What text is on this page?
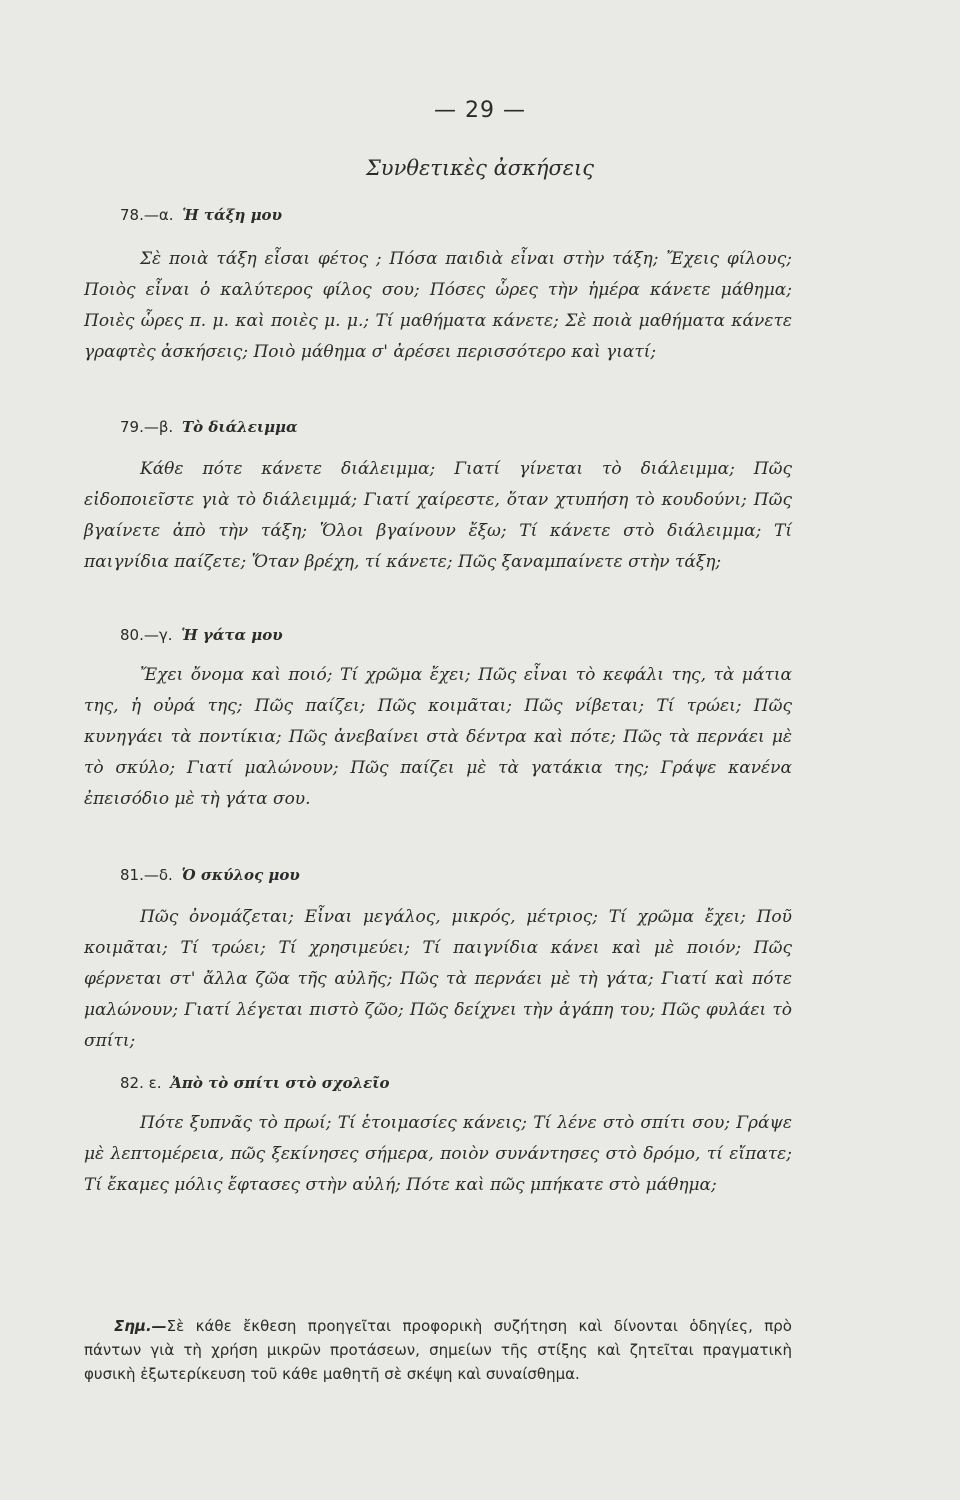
— 29 —
Συνθετικὲς ἀσκήσεις
78.—α. Ἡ τάξη μου

Σὲ ποιὰ τάξη εἶσαι φέτος ; Πόσα παιδιὰ εἶναι στὴν τάξη; Ἔχεις φίλους; Ποιὸς εἶναι ὁ καλύτερος φίλος σου; Πόσες ὧρες τὴν ἡμέρα κάνετε μάθημα; Ποιὲς ὧρες π. μ. καὶ ποιὲς μ. μ.; Τί μαθήματα κάνετε; Σὲ ποιὰ μαθήματα κάνετε γραφτὲς ἀσκήσεις; Ποιὸ μάθημα σ' ἀρέσει περισσότερο καὶ γιατί;

79.—β. Τὸ διάλειμμα

Κάθε πότε κάνετε διάλειμμα; Γιατί γίνεται τὸ διάλειμμα; Πῶς εἰδοποιεῖστε γιὰ τὸ διάλειμμά; Γιατί χαίρεστε, ὅταν χτυπήση τὸ κουδούνι; Πῶς βγαίνετε ἀπὸ τὴν τάξη; Ὅλοι βγαίνουν ἔξω; Τί κάνετε στὸ διάλειμμα; Τί παιγνίδια παίζετε; Ὅταν βρέχη, τί κάνετε; Πῶς ξαναμπαίνετε στὴν τάξη;

80.—γ. Ἡ γάτα μου

Ἔχει ὄνομα καὶ ποιό; Τί χρῶμα ἔχει; Πῶς εἶναι τὸ κεφάλι της, τὰ μάτια της, ἡ οὐρά της; Πῶς παίζει; Πῶς κοιμᾶται; Πῶς νίβεται; Τί τρώει; Πῶς κυνηγάει τὰ ποντίκια; Πῶς ἀνεβαίνει στὰ δέντρα καὶ πότε; Πῶς τὰ περνάει μὲ τὸ σκύλο; Γιατί μαλώνουν; Πῶς παίζει μὲ τὰ γατάκια της; Γράψε κανένα ἐπεισόδιο μὲ τὴ γάτα σου.

81.—δ. Ὁ σκύλος μου

Πῶς ὀνομάζεται; Εἶναι μεγάλος, μικρός, μέτριος; Τί χρῶμα ἔχει; Ποῦ κοιμᾶται; Τί τρώει; Τί χρησιμεύει; Τί παιγνίδια κάνει καὶ μὲ ποιόν; Πῶς φέρνεται στ' ἄλλα ζῶα τῆς αὐλῆς; Πῶς τὰ περνάει μὲ τὴ γάτα; Γιατί καὶ πότε μαλώνουν; Γιατί λέγεται πιστὸ ζῶο; Πῶς δείχνει τὴν ἀγάπη του; Πῶς φυλάει τὸ σπίτι;

82. ε. Ἀπὸ τὸ σπίτι στὸ σχολεῖο

Πότε ξυπνᾶς τὸ πρωί; Τί ἑτοιμασίες κάνεις; Τί λένε στὸ σπίτι σου; Γράψε μὲ λεπτομέρεια, πῶς ξεκίνησες σήμερα, ποιὸν συνάντησες στὸ δρόμο, τί εἴπατε; Τί ἔκαμες μόλις ἔφτασες στὴν αὐλή; Πότε καὶ πῶς μπήκατε στὸ μάθημα;

Σημ.—Σὲ κάθε ἔκθεση προηγεῖται προφορικὴ συζήτηση καὶ δίνονται ὁδηγίες, πρὸ πάντων γιὰ τὴ χρήση μικρῶν προτάσεων, σημείων τῆς στίξης καὶ ζητεῖται πραγματικὴ φυσικὴ ἐξωτερίκευση τοῦ κάθε μαθητῆ σὲ σκέψη καὶ συναίσθημα.
